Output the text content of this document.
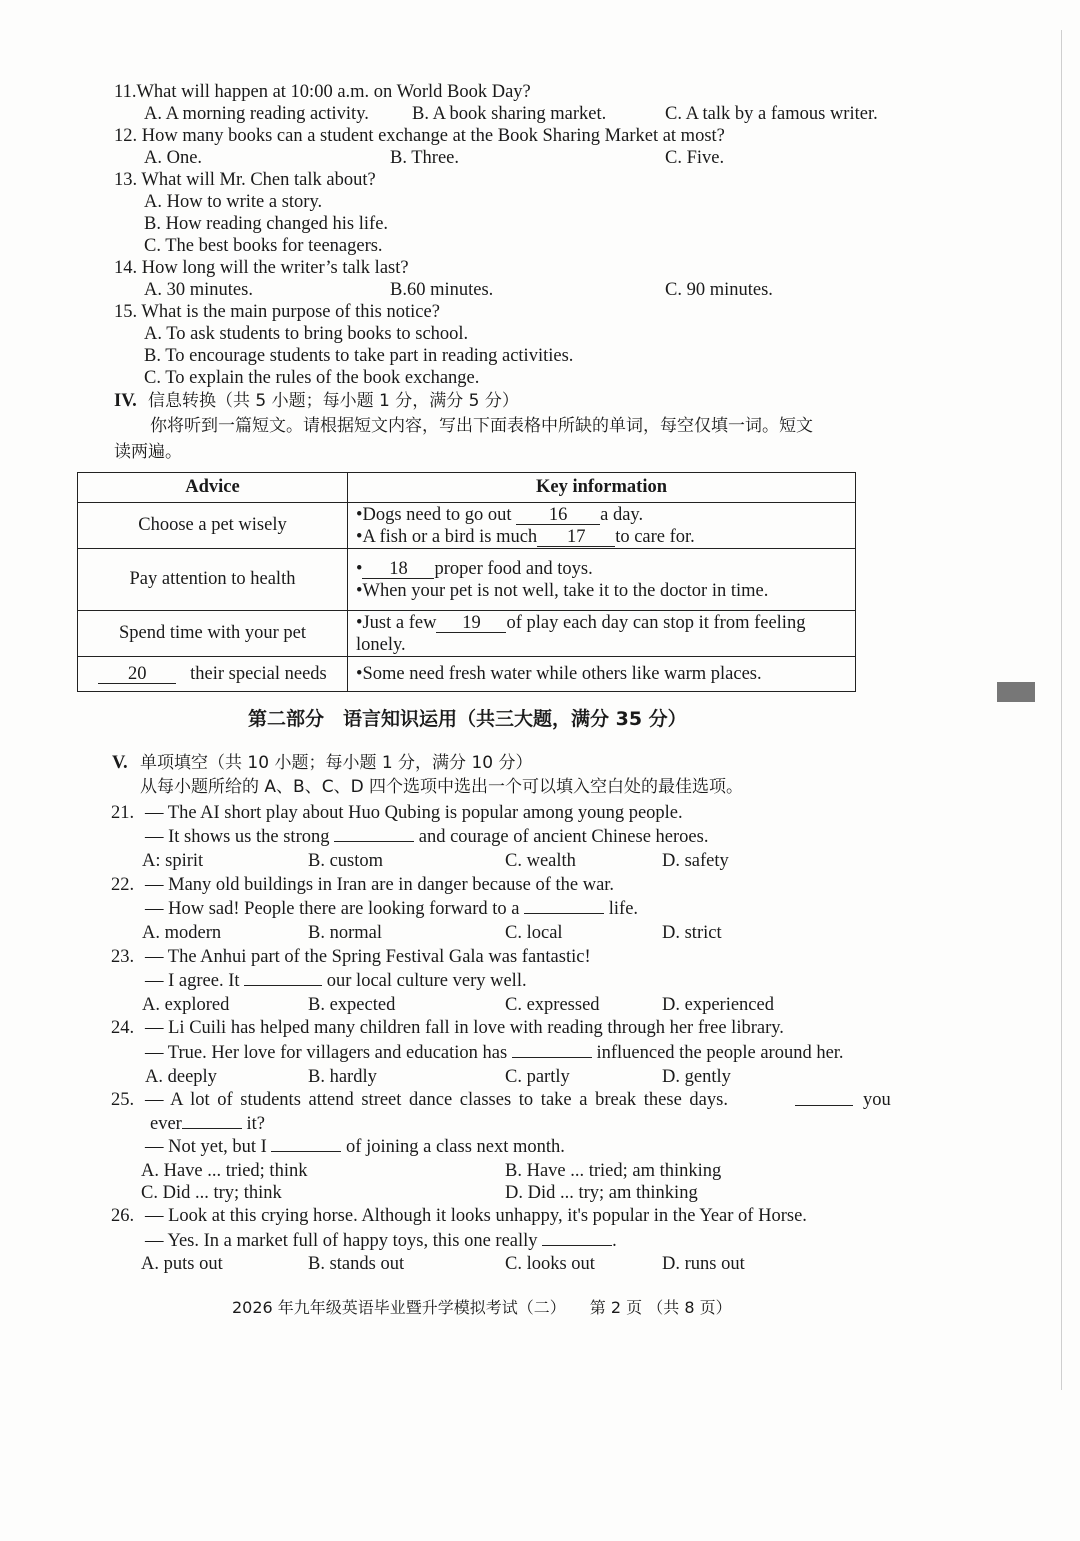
11.What will happen at 10:00 a.m. on World Book Day?
A. A morning reading activity. B. A book sharing market.	C. A talk by a famous writer.
12. How many books can a student exchange at the Book Sharing Market at most?
A. One.	B. Three.	C. Five.
13. What will Mr. Chen talk about?
A. How to write a story.
B. How reading changed his life.
C. The best books for teenagers.
14. How long will the writer’s talk last?
A. 30 minutes.	B.60 minutes.	C. 90 minutes.
15. What is the main purpose of this notice?
A. To ask students to bring books to school.
B. To encourage students to take part in reading activities.
C. To explain the rules of the book exchange.
IV. 信息转换（共 5 小题；每小题 1 分，满分 5 分）
你将听到一篇短文。请根据短文内容，写出下面表格中所缺的单词，每空仅填一词。短文
读两遍。
Advice	Key information
Choose a pet wisely	•Dogs need to go out 16 a day.
•A fish or a bird is much 17 to care for.

Pay attention to health	• 18 proper food and toys.
•When your pet is not well, take it to the doctor in time.

Spend time with your pet	•Just a few 19 of play each day can stop it from feeling
lonely.

20 their special needs	•Some need fresh water while others like warm places.
第二部分　语言知识运用（共三大题，满分 35 分）
V. 单项填空（共 10 小题；每小题 1 分，满分 10 分）
从每小题所给的 A、B、C、D 四个选项中选出一个可以填入空白处的最佳选项。
21. — The AI short play about Huo Qubing is popular among young people.
— It shows us the strong	and courage of ancient Chinese heroes.
A: spirit	B. custom	C. wealth	D. safety
22. — Many old buildings in Iran are in danger because of the war.
— How sad! People there are looking forward to a	life.
A. modern	B. normal	C. local	D. strict
23. — The Anhui part of the Spring Festival Gala was fantastic!
— I agree. It	our local culture very well.
A. explored	B. expected	C. expressed	D. experienced
24. — Li Cuili has helped many children fall in love with reading through her free library.
— True. Her love for villagers and education has	influenced the people around her.
A. deeply	B. hardly	C. partly	D. gently
25. — A lot of students attend street dance classes to take a break these days.	you
ever	it?
— Not yet, but I	of joining a class next month.
A. Have ... tried; think	B. Have ... tried; am thinking
C. Did ... try; think	D. Did ... try; am thinking
26. — Look at this crying horse. Although it looks unhappy, it's popular in the Year of Horse.
— Yes. In a market full of happy toys, this one really	.
A. puts out	B. stands out	C. looks out	D. runs out
2026 年九年级英语毕业暨升学模拟考试（二）　　第 2 页 （共 8 页）
